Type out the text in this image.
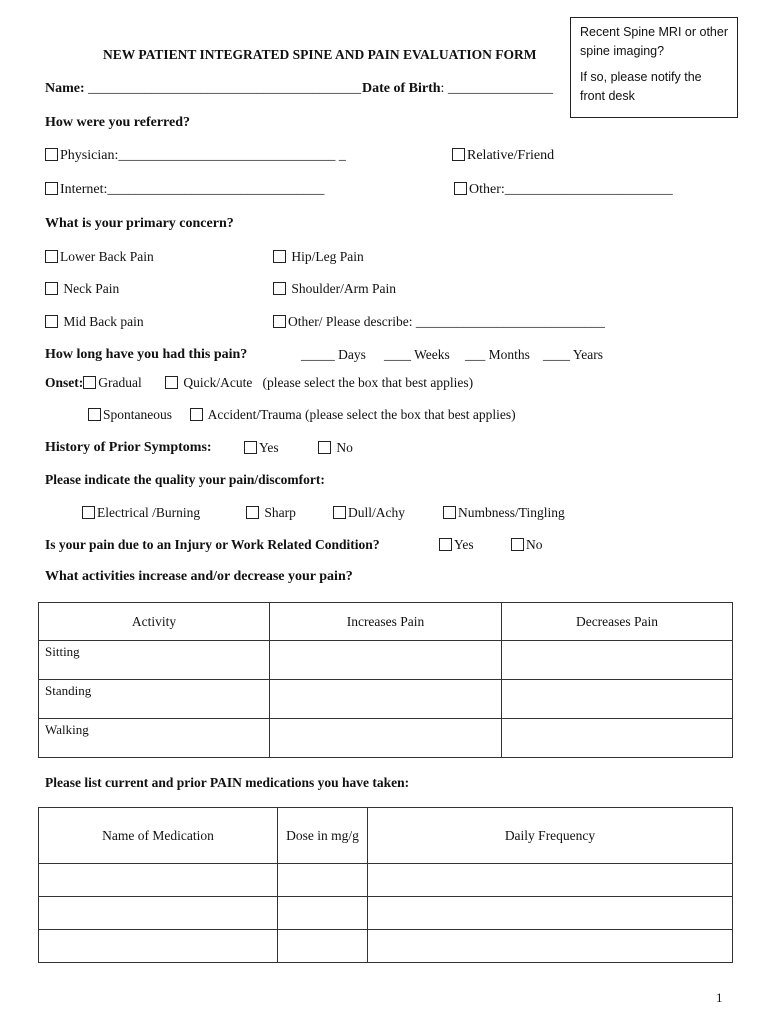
NEW PATIENT INTEGRATED SPINE AND PAIN EVALUATION FORM

Recent Spine MRI or other spine imaging?

If so, please notify the front desk

Name: _______________________________________ Date of Birth: _______________
How were you referred?
Physician:_______________________________ _	Relative/Friend
Internet:_______________________________	Other:________________________
What is your primary concern?
Lower Back Pain	Hip/Leg Pain
Neck Pain	Shoulder/Arm Pain
Mid Back pain	Other/ Please describe: ____________________________
How long have you had this pain?	_____ Days ____ Weeks ___ Months ____ Years
Onset: Gradual	Quick/Acute (please select the box that best applies)
Spontaneous	Accident/Trauma (please select the box that best applies)
History of Prior Symptoms:	Yes	No
Please indicate the quality your pain/discomfort:
Electrical /Burning	Sharp	Dull/Achy	Numbness/Tingling
Is your pain due to an Injury or Work Related Condition?	Yes	No
What activities increase and/or decrease your pain?
Activity	Increases Pain	Decreases Pain
Sitting		
Standing		
Walking		
Please list current and prior PAIN medications you have taken:
Name of Medication	Dose in mg/g	Daily Frequency

1
